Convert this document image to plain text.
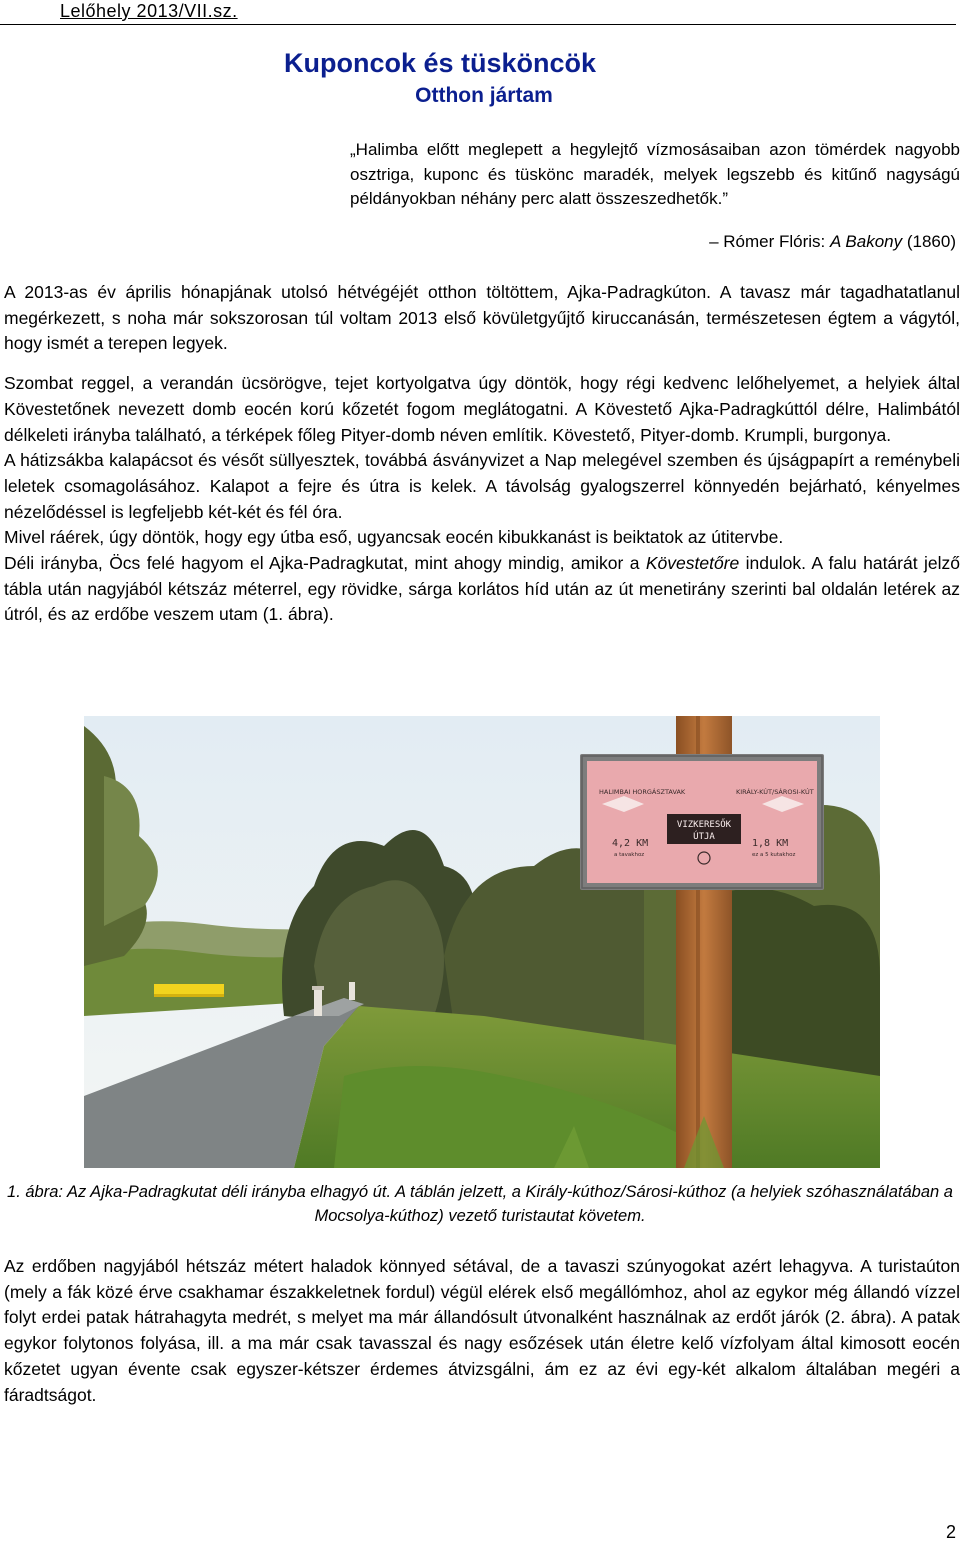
Lelőhely 2013/VII.sz.
Kuponcok és tüsköncök
Otthon jártam
„Halimba előtt meglepett a hegylejtő vízmosásaiban azon tömérdek nagyobb osztriga, kuponc és tüskönc maradék, melyek legszebb és kitűnő nagyságú példányokban néhány perc alatt összeszedhetők.”
– Rómer Flóris: A Bakony (1860)

A 2013-as év április hónapjának utolsó hétvégéjét otthon töltöttem, Ajka-Padragkúton. A tavasz már tagadhatatlanul megérkezett, s noha már sokszorosan túl voltam 2013 első kövületgyűjtő kiruccanásán, természetesen égtem a vágytól, hogy ismét a terepen legyek.

Szombat reggel, a verandán ücsörögve, tejet kortyolgatva úgy döntök, hogy régi kedvenc lelőhelyemet, a helyiek által Kövestetőnek nevezett domb eocén korú kőzetét fogom meglátogatni. A Kövestető Ajka-Padragkúttól délre, Halimbától délkeleti irányba található, a térképek főleg Pityer-domb néven említik. Kövestető, Pityer-domb. Krumpli, burgonya.

A hátizsákba kalapácsot és vésőt süllyesztek, továbbá ásványvizet a Nap melegével szemben és újságpapírt a reménybeli leletek csomagolásához. Kalapot a fejre és útra is kelek. A távolság gyalogszerrel könnyedén bejárható, kényelmes nézelődéssel is legfeljebb két-két és fél óra.

Mivel ráérek, úgy döntök, hogy egy útba eső, ugyancsak eocén kibukkanást is beiktatok az útitervbe.

Déli irányba, Öcs felé hagyom el Ajka-Padragkutat, mint ahogy mindig, amikor a Kövestetőre indulok. A falu határát jelző tábla után nagyjából kétszáz méterrel, egy rövidke, sárga korlátos híd után az út menetirány szerinti bal oldalán letérek az útról, és az erdőbe veszem utam (1. ábra).

HALIMBAI HORGÁSZTAVAK	KIRÁLY-KÚT/SÁROSI-KÚT
VIZKERESŐK
ÚTJA
4,2 KM
a tavakhoz
1,8 KM
ez a 5 kutakhoz
1. ábra: Az Ajka-Padragkutat déli irányba elhagyó út. A táblán jelzett, a Király-kúthoz/Sárosi-kúthoz (a helyiek szóhasználatában a Mocsolya-kúthoz) vezető turistautat követem.

Az erdőben nagyjából hétszáz métert haladok könnyed sétával, de a tavaszi szúnyogokat azért lehagyva. A turistaúton (mely a fák közé érve csakhamar északkeletnek fordul) végül elérek első megállómhoz, ahol az egykor még állandó vízzel folyt erdei patak hátrahagyta medrét, s melyet ma már állandósult útvonalként használnak az erdőt járók (2. ábra). A patak egykor folytonos folyása, ill. a ma már csak tavasszal és nagy esőzések után életre kelő vízfolyam által kimosott eocén kőzetet ugyan évente csak egyszer-kétszer érdemes átvizsgálni, ám ez az évi egy-két alkalom általában megéri a fáradtságot.

2
